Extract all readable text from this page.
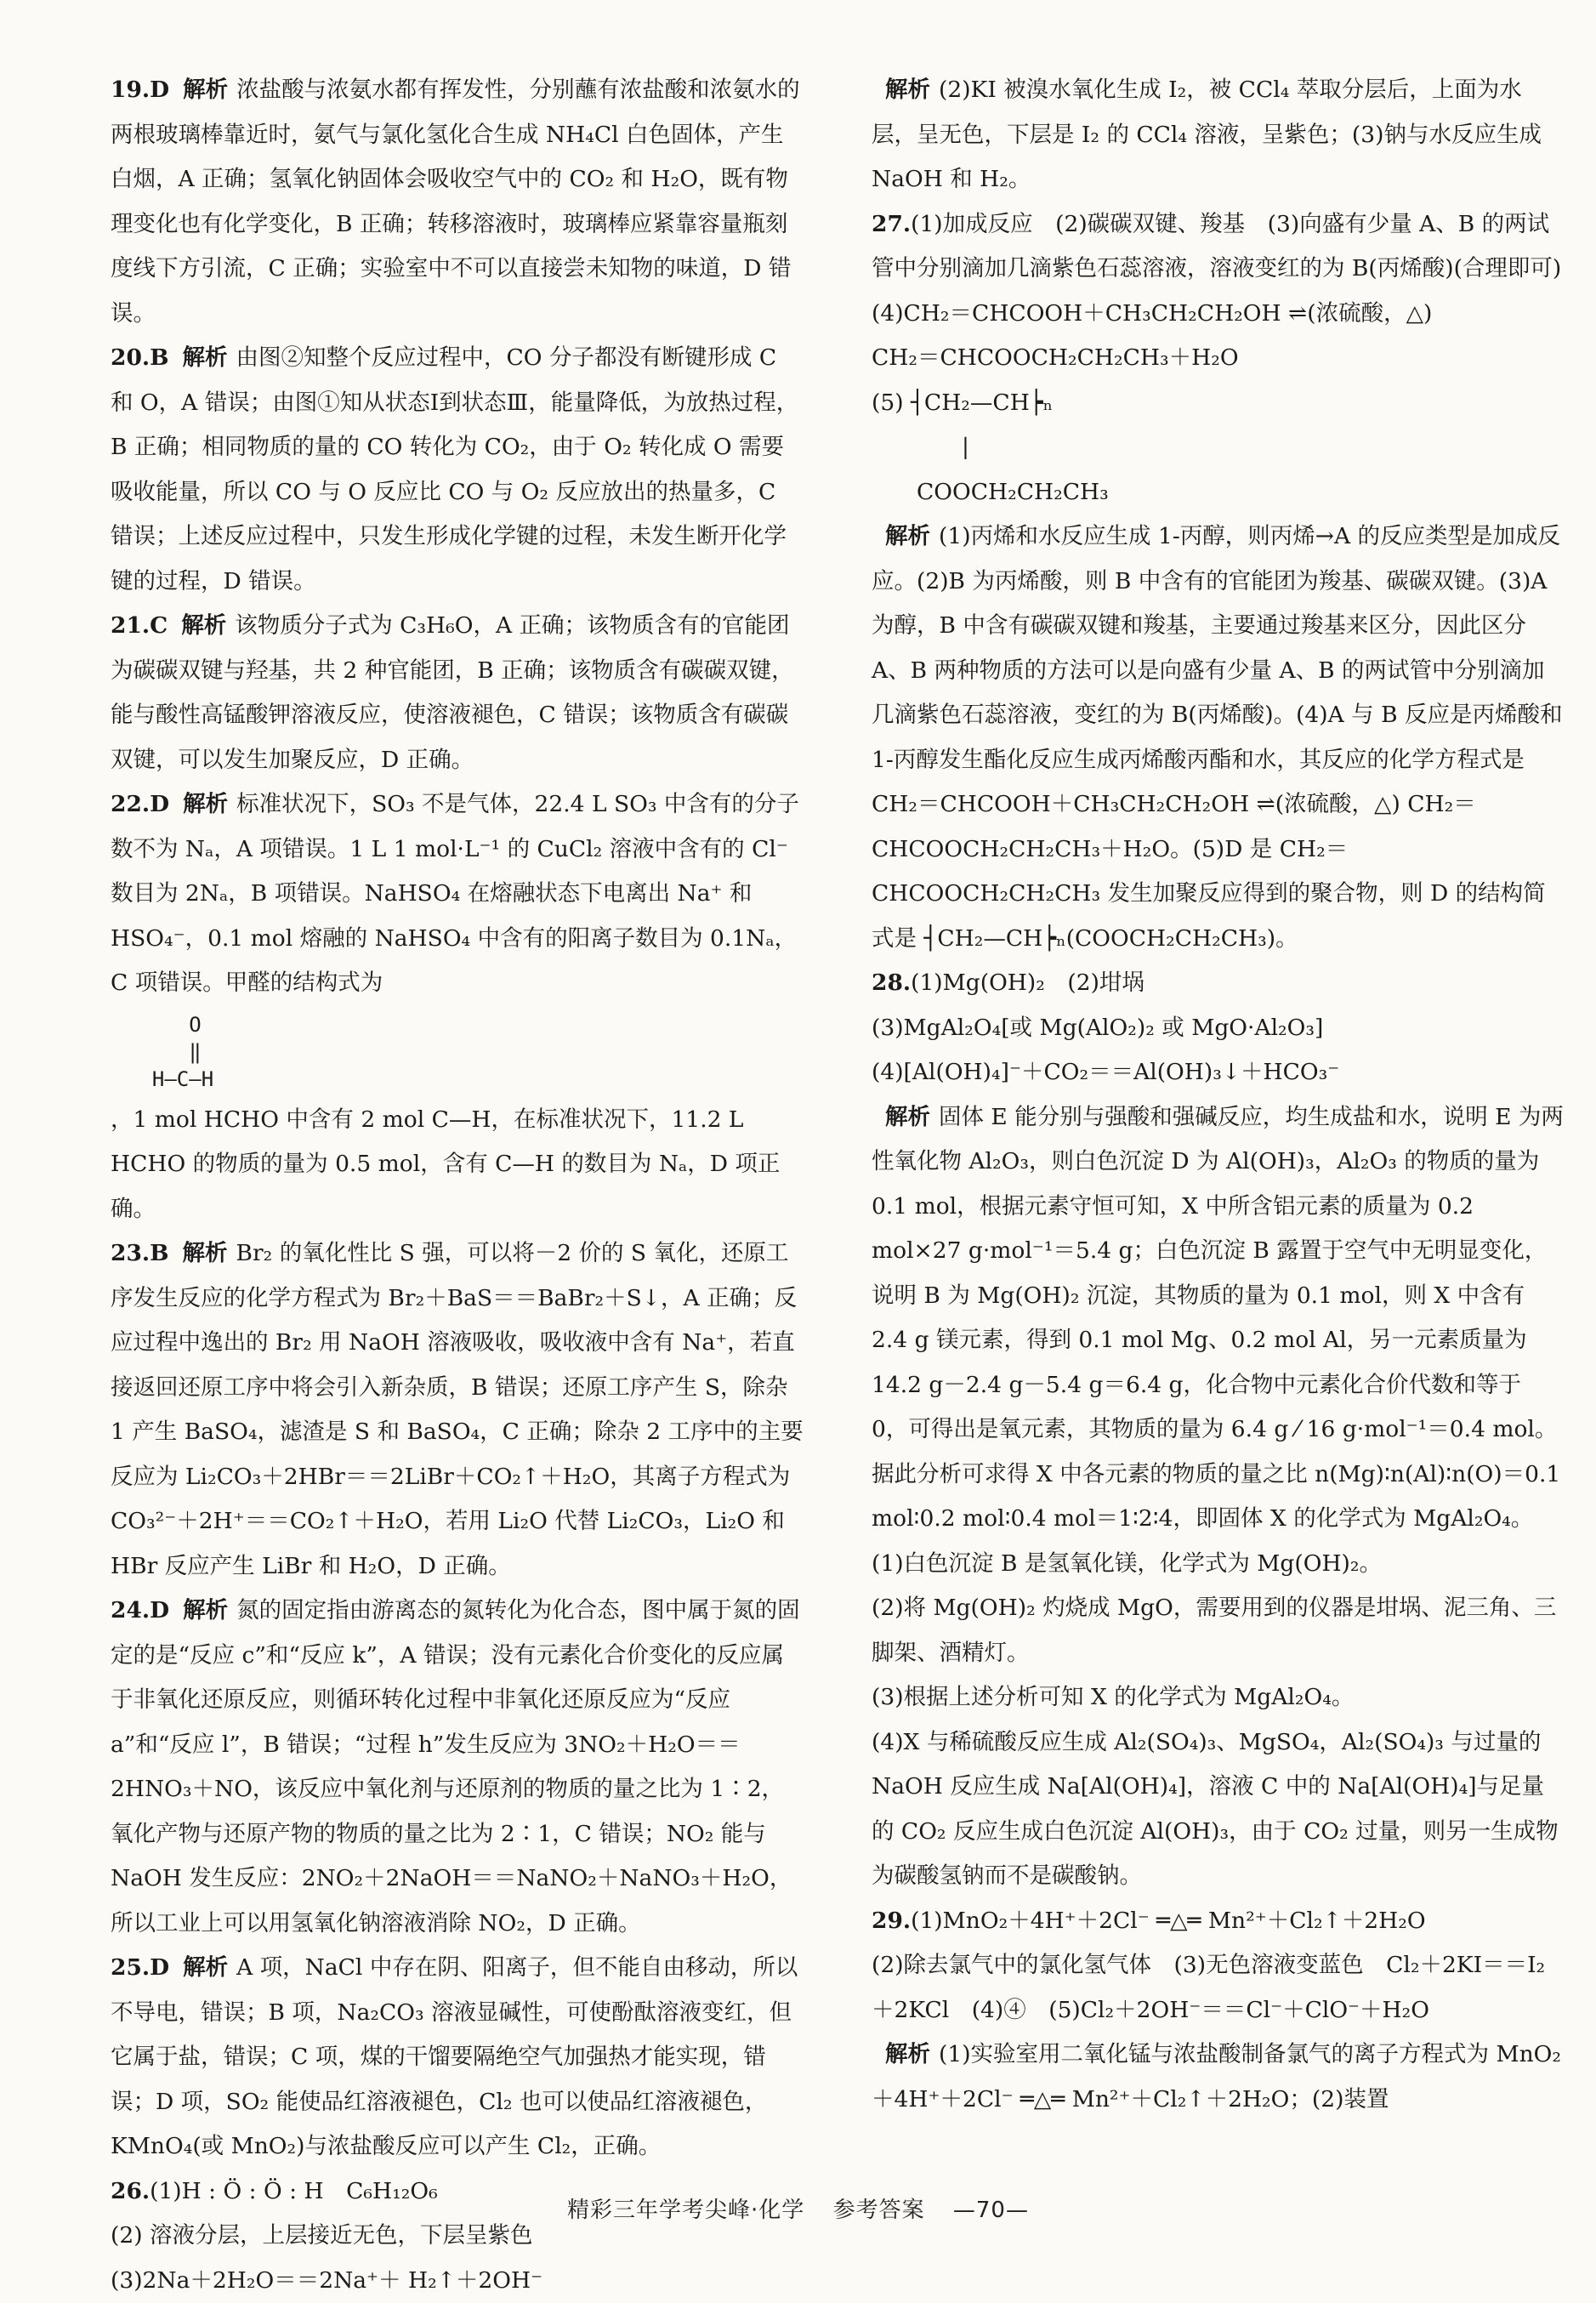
19.D 解析 浓盐酸与浓氨水都有挥发性，分别蘸有浓盐酸和浓氨水的两根玻璃棒靠近时，氨气与氯化氢化合生成 NH₄Cl 白色固体，产生白烟，A 正确；氢氧化钠固体会吸收空气中的 CO₂ 和 H₂O，既有物理变化也有化学变化，B 正确；转移溶液时，玻璃棒应紧靠容量瓶刻度线下方引流，C 正确；实验室中不可以直接尝未知物的味道，D 错误。
20.B 解析 由图②知整个反应过程中，CO 分子都没有断键形成 C 和 O，A 错误；由图①知从状态Ⅰ到状态Ⅲ，能量降低，为放热过程，B 正确；相同物质的量的 CO 转化为 CO₂，由于 O₂ 转化成 O 需要吸收能量，所以 CO 与 O 反应比 CO 与 O₂ 反应放出的热量多，C 错误；上述反应过程中，只发生形成化学键的过程，未发生断开化学键的过程，D 错误。
21.C 解析 该物质分子式为 C₃H₆O，A 正确；该物质含有的官能团为碳碳双键与羟基，共 2 种官能团，B 正确；该物质含有碳碳双键，能与酸性高锰酸钾溶液反应，使溶液褪色，C 错误；该物质含有碳碳双键，可以发生加聚反应，D 正确。
22.D 解析 标准状况下，SO₃ 不是气体，22.4 L SO₃ 中含有的分子数不为 Nₐ，A 项错误。1 L 1 mol·L⁻¹ 的 CuCl₂ 溶液中含有的 Cl⁻ 数目为 2Nₐ，B 项错误。NaHSO₄ 在熔融状态下电离出 Na⁺ 和 HSO₄⁻，0.1 mol 熔融的 NaHSO₄ 中含有的阳离子数目为 0.1Nₐ，C 项错误。甲醛的结构式为
O
‖
H—C—H
，1 mol HCHO 中含有 2 mol C—H，在标准状况下，11.2 L HCHO 的物质的量为 0.5 mol，含有 C—H 的数目为 Nₐ，D 项正确。
23.B 解析 Br₂ 的氧化性比 S 强，可以将－2 价的 S 氧化，还原工序发生反应的化学方程式为 Br₂＋BaS＝＝BaBr₂＋S↓，A 正确；反应过程中逸出的 Br₂ 用 NaOH 溶液吸收，吸收液中含有 Na⁺，若直接返回还原工序中将会引入新杂质，B 错误；还原工序产生 S，除杂 1 产生 BaSO₄，滤渣是 S 和 BaSO₄，C 正确；除杂 2 工序中的主要反应为 Li₂CO₃＋2HBr＝＝2LiBr＋CO₂↑＋H₂O，其离子方程式为 CO₃²⁻＋2H⁺＝＝CO₂↑＋H₂O，若用 Li₂O 代替 Li₂CO₃，Li₂O 和 HBr 反应产生 LiBr 和 H₂O，D 正确。
24.D 解析 氮的固定指由游离态的氮转化为化合态，图中属于氮的固定的是“反应 c”和“反应 k”，A 错误；没有元素化合价变化的反应属于非氧化还原反应，则循环转化过程中非氧化还原反应为“反应 a”和“反应 l”，B 错误；“过程 h”发生反应为 3NO₂＋H₂O＝＝2HNO₃＋NO，该反应中氧化剂与还原剂的物质的量之比为 1∶2，氧化产物与还原产物的物质的量之比为 2∶1，C 错误；NO₂ 能与 NaOH 发生反应：2NO₂＋2NaOH＝＝NaNO₂＋NaNO₃＋H₂O，所以工业上可以用氢氧化钠溶液消除 NO₂，D 正确。
25.D 解析 A 项，NaCl 中存在阴、阳离子，但不能自由移动，所以不导电，错误；B 项，Na₂CO₃ 溶液显碱性，可使酚酞溶液变红，但它属于盐，错误；C 项，煤的干馏要隔绝空气加强热才能实现，错误；D 项，SO₂ 能使品红溶液褪色，Cl₂ 也可以使品红溶液褪色，KMnO₄(或 MnO₂)与浓盐酸反应可以产生 Cl₂，正确。
26.(1)H : Ö : Ö : H　C₆H₁₂O₆
(2) 溶液分层，上层接近无色，下层呈紫色
(3)2Na＋2H₂O＝＝2Na⁺＋ H₂↑＋2OH⁻
解析 (2)KI 被溴水氧化生成 I₂，被 CCl₄ 萃取分层后，上面为水层，呈无色，下层是 I₂ 的 CCl₄ 溶液，呈紫色；(3)钠与水反应生成 NaOH 和 H₂。
27.(1)加成反应　(2)碳碳双键、羧基　(3)向盛有少量 A、B 的两试管中分别滴加几滴紫色石蕊溶液，溶液变红的为 B(丙烯酸)(合理即可)
(4)CH₂＝CHCOOH＋CH₃CH₂CH₂OH ⇌(浓硫酸，△)
CH₂＝CHCOOCH₂CH₂CH₃＋H₂O
(5) ┤CH₂—CH┝ₙ
　　　　|
　　COOCH₂CH₂CH₃
解析 (1)丙烯和水反应生成 1-丙醇，则丙烯→A 的反应类型是加成反应。(2)B 为丙烯酸，则 B 中含有的官能团为羧基、碳碳双键。(3)A 为醇，B 中含有碳碳双键和羧基，主要通过羧基来区分，因此区分 A、B 两种物质的方法可以是向盛有少量 A、B 的两试管中分别滴加几滴紫色石蕊溶液，变红的为 B(丙烯酸)。(4)A 与 B 反应是丙烯酸和 1-丙醇发生酯化反应生成丙烯酸丙酯和水，其反应的化学方程式是 CH₂＝CHCOOH＋CH₃CH₂CH₂OH ⇌(浓硫酸，△) CH₂＝CHCOOCH₂CH₂CH₃＋H₂O。(5)D 是 CH₂＝CHCOOCH₂CH₂CH₃ 发生加聚反应得到的聚合物，则 D 的结构简式是 ┤CH₂—CH┝ₙ(COOCH₂CH₂CH₃)。
28.(1)Mg(OH)₂　(2)坩埚
(3)MgAl₂O₄[或 Mg(AlO₂)₂ 或 MgO·Al₂O₃]
(4)[Al(OH)₄]⁻＋CO₂＝＝Al(OH)₃↓＋HCO₃⁻
解析 固体 E 能分别与强酸和强碱反应，均生成盐和水，说明 E 为两性氧化物 Al₂O₃，则白色沉淀 D 为 Al(OH)₃，Al₂O₃ 的物质的量为 0.1 mol，根据元素守恒可知，X 中所含铝元素的质量为 0.2 mol×27 g·mol⁻¹＝5.4 g；白色沉淀 B 露置于空气中无明显变化，说明 B 为 Mg(OH)₂ 沉淀，其物质的量为 0.1 mol，则 X 中含有 2.4 g 镁元素，得到 0.1 mol Mg、0.2 mol Al，另一元素质量为 14.2 g－2.4 g－5.4 g＝6.4 g，化合物中元素化合价代数和等于 0，可得出是氧元素，其物质的量为 6.4 g ⁄ 16 g·mol⁻¹＝0.4 mol。据此分析可求得 X 中各元素的物质的量之比 n(Mg)∶n(Al)∶n(O)＝0.1 mol∶0.2 mol∶0.4 mol＝1∶2∶4，即固体 X 的化学式为 MgAl₂O₄。
(1)白色沉淀 B 是氢氧化镁，化学式为 Mg(OH)₂。
(2)将 Mg(OH)₂ 灼烧成 MgO，需要用到的仪器是坩埚、泥三角、三脚架、酒精灯。
(3)根据上述分析可知 X 的化学式为 MgAl₂O₄。
(4)X 与稀硫酸反应生成 Al₂(SO₄)₃、MgSO₄，Al₂(SO₄)₃ 与过量的 NaOH 反应生成 Na[Al(OH)₄]，溶液 C 中的 Na[Al(OH)₄]与足量的 CO₂ 反应生成白色沉淀 Al(OH)₃，由于 CO₂ 过量，则另一生成物为碳酸氢钠而不是碳酸钠。
29.(1)MnO₂＋4H⁺＋2Cl⁻ ═△═ Mn²⁺＋Cl₂↑＋2H₂O
(2)除去氯气中的氯化氢气体　(3)无色溶液变蓝色　Cl₂＋2KI＝＝I₂＋2KCl　(4)④　(5)Cl₂＋2OH⁻＝＝Cl⁻＋ClO⁻＋H₂O
解析 (1)实验室用二氧化锰与浓盐酸制备氯气的离子方程式为 MnO₂＋4H⁺＋2Cl⁻ ═△═ Mn²⁺＋Cl₂↑＋2H₂O；(2)装置
精彩三年学考尖峰·化学 参考答案 —70—
